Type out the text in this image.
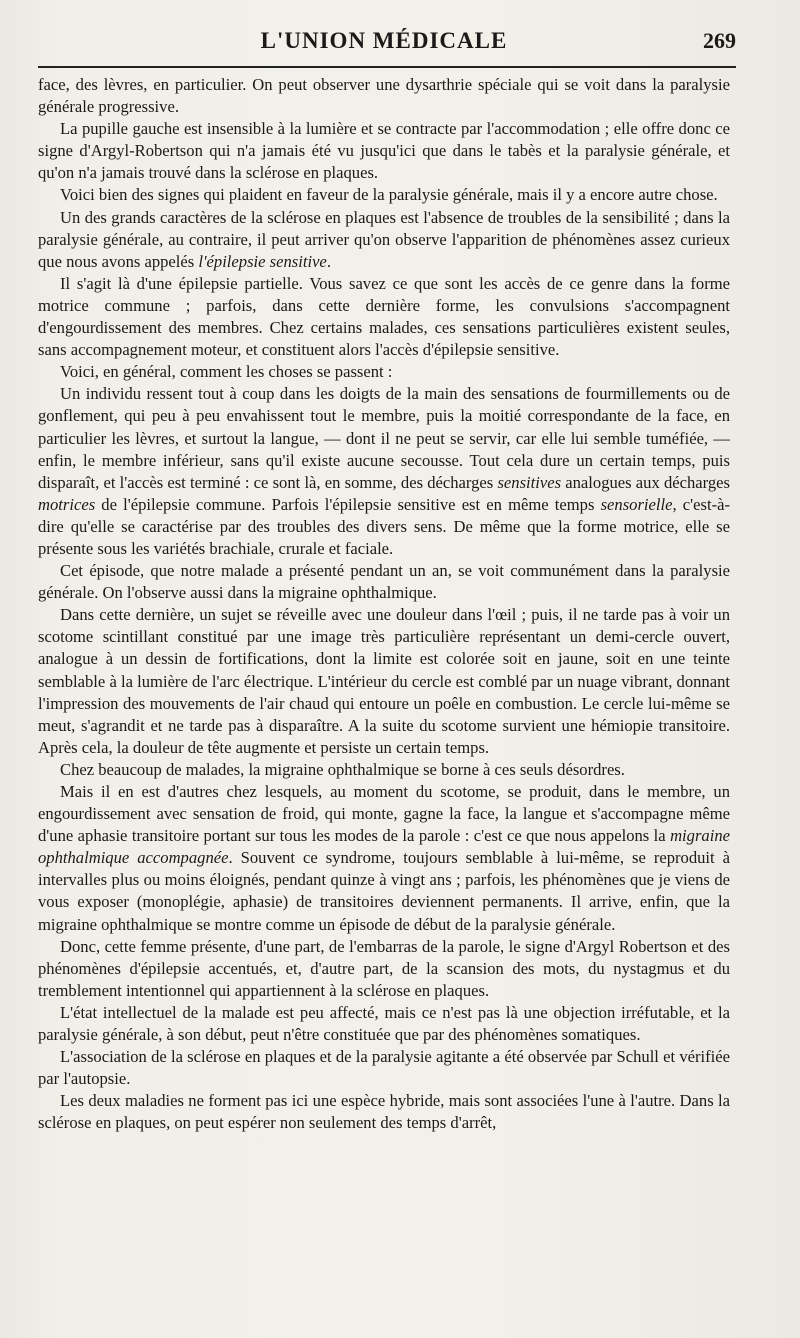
L'UNION MÉDICALE	269

face, des lèvres, en particulier. On peut observer une dysarthrie spéciale qui se voit dans la paralysie générale progressive.

La pupille gauche est insensible à la lumière et se contracte par l'accommodation ; elle offre donc ce signe d'Argyl-Robertson qui n'a jamais été vu jusqu'ici que dans le tabès et la paralysie générale, et qu'on n'a jamais trouvé dans la sclérose en plaques.

Voici bien des signes qui plaident en faveur de la paralysie générale, mais il y a encore autre chose.

Un des grands caractères de la sclérose en plaques est l'absence de troubles de la sensibilité ; dans la paralysie générale, au contraire, il peut arriver qu'on observe l'apparition de phénomènes assez curieux que nous avons appelés l'épilepsie sensitive.

Il s'agit là d'une épilepsie partielle. Vous savez ce que sont les accès de ce genre dans la forme motrice commune ; parfois, dans cette dernière forme, les convulsions s'accompagnent d'engourdissement des membres. Chez certains malades, ces sensations particulières existent seules, sans accompagnement moteur, et constituent alors l'accès d'épilepsie sensitive.

Voici, en général, comment les choses se passent :

Un individu ressent tout à coup dans les doigts de la main des sensations de fourmillements ou de gonflement, qui peu à peu envahissent tout le membre, puis la moitié correspondante de la face, en particulier les lèvres, et surtout la langue, — dont il ne peut se servir, car elle lui semble tuméfiée, — enfin, le membre inférieur, sans qu'il existe aucune secousse. Tout cela dure un certain temps, puis disparaît, et l'accès est terminé : ce sont là, en somme, des décharges sensitives analogues aux décharges motrices de l'épilepsie commune. Parfois l'épilepsie sensitive est en même temps sensorielle, c'est-à-dire qu'elle se caractérise par des troubles des divers sens. De même que la forme motrice, elle se présente sous les variétés brachiale, crurale et faciale.

Cet épisode, que notre malade a présenté pendant un an, se voit communément dans la paralysie générale. On l'observe aussi dans la migraine ophthalmique.

Dans cette dernière, un sujet se réveille avec une douleur dans l'œil ; puis, il ne tarde pas à voir un scotome scintillant constitué par une image très particulière représentant un demi-cercle ouvert, analogue à un dessin de fortifications, dont la limite est colorée soit en jaune, soit en une teinte semblable à la lumière de l'arc électrique. L'intérieur du cercle est comblé par un nuage vibrant, donnant l'impression des mouvements de l'air chaud qui entoure un poêle en combustion. Le cercle lui-même se meut, s'agrandit et ne tarde pas à disparaître. A la suite du scotome survient une hémiopie transitoire. Après cela, la douleur de tête augmente et persiste un certain temps.

Chez beaucoup de malades, la migraine ophthalmique se borne à ces seuls désordres.

Mais il en est d'autres chez lesquels, au moment du scotome, se produit, dans le membre, un engourdissement avec sensation de froid, qui monte, gagne la face, la langue et s'accompagne même d'une aphasie transitoire portant sur tous les modes de la parole : c'est ce que nous appelons la migraine ophthalmique accompagnée. Souvent ce syndrome, toujours semblable à lui-même, se reproduit à intervalles plus ou moins éloignés, pendant quinze à vingt ans ; parfois, les phénomènes que je viens de vous exposer (monoplégie, aphasie) de transitoires deviennent permanents. Il arrive, enfin, que la migraine ophthalmique se montre comme un épisode de début de la paralysie générale.

Donc, cette femme présente, d'une part, de l'embarras de la parole, le signe d'Argyl Robertson et des phénomènes d'épilepsie accentués, et, d'autre part, de la scansion des mots, du nystagmus et du tremblement intentionnel qui appartiennent à la sclérose en plaques.

L'état intellectuel de la malade est peu affecté, mais ce n'est pas là une objection irréfutable, et la paralysie générale, à son début, peut n'être constituée que par des phénomènes somatiques.

L'association de la sclérose en plaques et de la paralysie agitante a été observée par Schull et vérifiée par l'autopsie.

Les deux maladies ne forment pas ici une espèce hybride, mais sont associées l'une à l'autre. Dans la sclérose en plaques, on peut espérer non seulement des temps d'arrêt,
